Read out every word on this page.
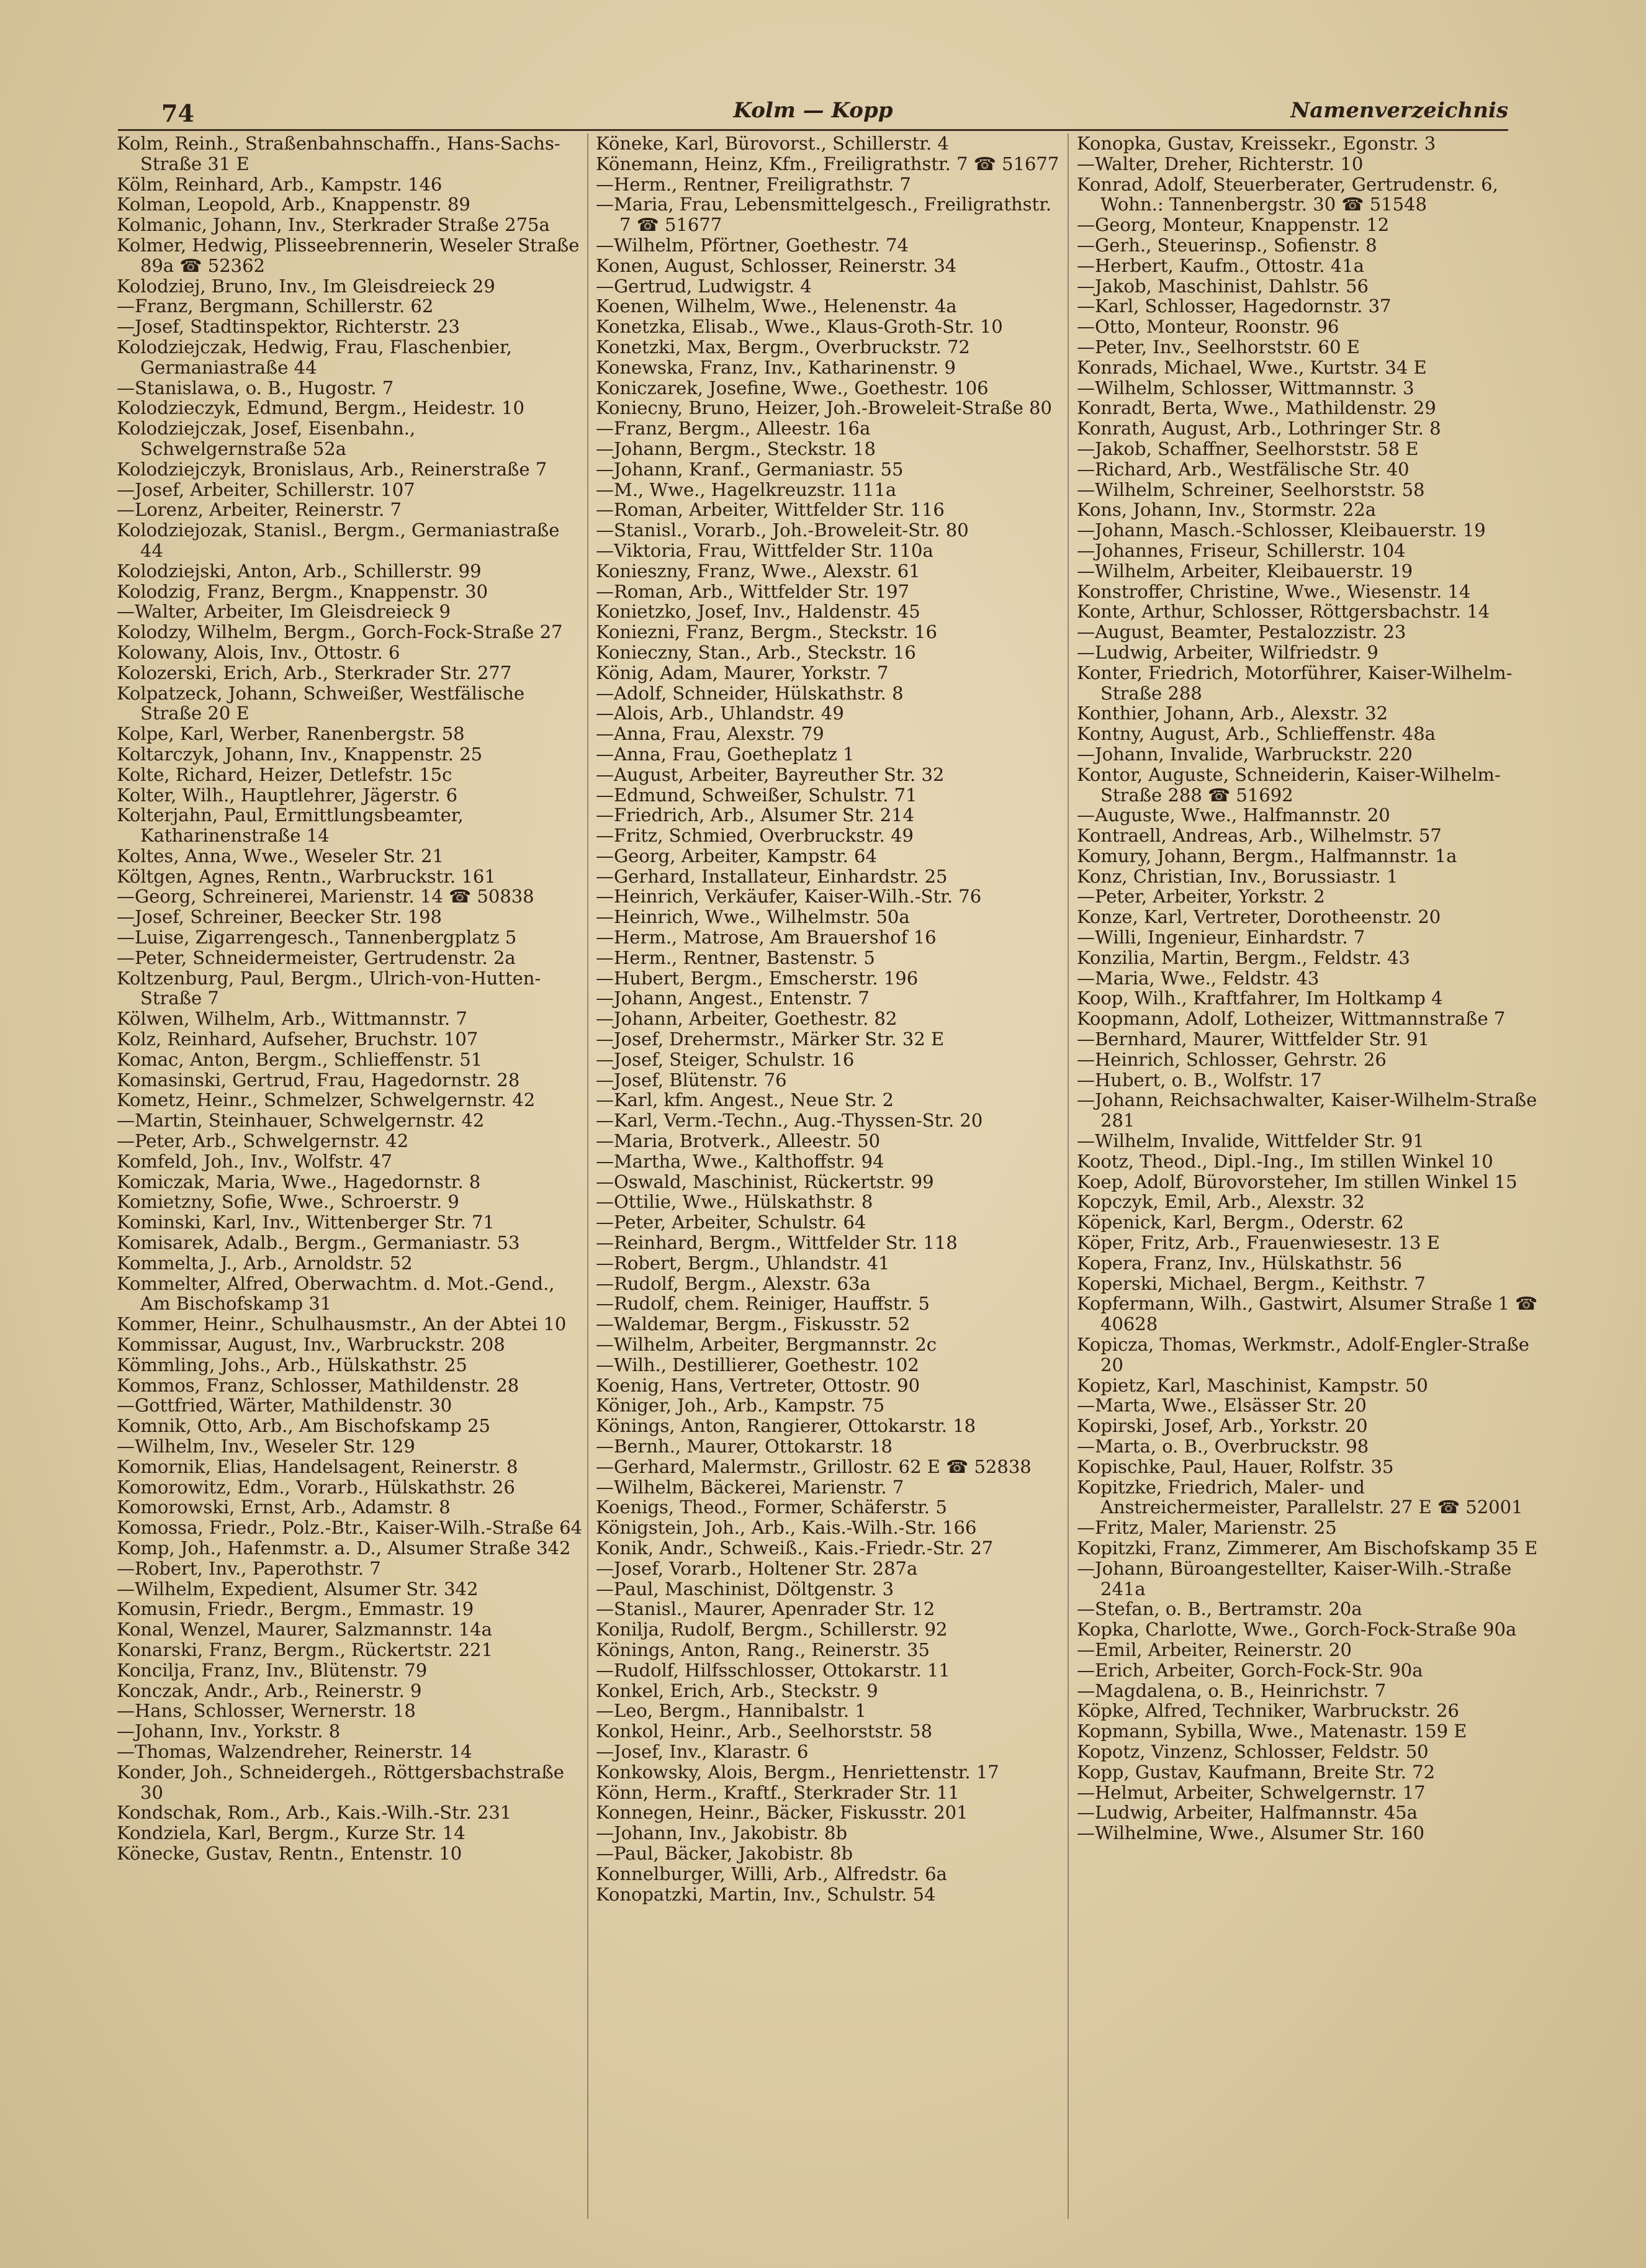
74	Kolm — Kopp	Namenverzeichnis
Kolm, Reinh., Straßenbahnschaffn., Hans-Sachs-Straße 31 E
Kölm, Reinhard, Arb., Kampstr. 146
Kolman, Leopold, Arb., Knappenstr. 89
Kolmanic, Johann, Inv., Sterkrader Straße 275a
Kolmer, Hedwig, Plisseebrennerin, Weseler Straße 89a ☎ 52362
Kolodziej, Bruno, Inv., Im Gleisdreieck 29
—Franz, Bergmann, Schillerstr. 62
—Josef, Stadtinspektor, Richterstr. 23
Kolodziejczak, Hedwig, Frau, Flaschenbier, Germaniastraße 44
—Stanislawa, o. B., Hugostr. 7
Kolodzieczyk, Edmund, Bergm., Heidestr. 10
Kolodziejczak, Josef, Eisenbahn., Schwelgernstraße 52a
Kolodziejczyk, Bronislaus, Arb., Reinerstraße 7
—Josef, Arbeiter, Schillerstr. 107
—Lorenz, Arbeiter, Reinerstr. 7
Kolodziejozak, Stanisl., Bergm., Germaniastraße 44
Kolodziejski, Anton, Arb., Schillerstr. 99
Kolodzig, Franz, Bergm., Knappenstr. 30
—Walter, Arbeiter, Im Gleisdreieck 9
Kolodzy, Wilhelm, Bergm., Gorch-Fock-Straße 27
Kolowany, Alois, Inv., Ottostr. 6
Kolozerski, Erich, Arb., Sterkrader Str. 277
Kolpatzeck, Johann, Schweißer, Westfälische Straße 20 E
Kolpe, Karl, Werber, Ranenbergstr. 58
Koltarczyk, Johann, Inv., Knappenstr. 25
Kolte, Richard, Heizer, Detlefstr. 15c
Kolter, Wilh., Hauptlehrer, Jägerstr. 6
Kolterjahn, Paul, Ermittlungsbeamter, Katharinenstraße 14
Koltes, Anna, Wwe., Weseler Str. 21
Költgen, Agnes, Rentn., Warbruckstr. 161
—Georg, Schreinerei, Marienstr. 14 ☎ 50838
—Josef, Schreiner, Beecker Str. 198
—Luise, Zigarrengesch., Tannenbergplatz 5
—Peter, Schneidermeister, Gertrudenstr. 2a
Koltzenburg, Paul, Bergm., Ulrich-von-Hutten-Straße 7
Kölwen, Wilhelm, Arb., Wittmannstr. 7
Kolz, Reinhard, Aufseher, Bruchstr. 107
Komac, Anton, Bergm., Schlieffenstr. 51
Komasinski, Gertrud, Frau, Hagedornstr. 28
Kometz, Heinr., Schmelzer, Schwelgernstr. 42
—Martin, Steinhauer, Schwelgernstr. 42
—Peter, Arb., Schwelgernstr. 42
Komfeld, Joh., Inv., Wolfstr. 47
Komiczak, Maria, Wwe., Hagedornstr. 8
Komietzny, Sofie, Wwe., Schroerstr. 9
Kominski, Karl, Inv., Wittenberger Str. 71
Komisarek, Adalb., Bergm., Germaniastr. 53
Kommelta, J., Arb., Arnoldstr. 52
Kommelter, Alfred, Oberwachtm. d. Mot.-Gend., Am Bischofskamp 31
Kommer, Heinr., Schulhausmstr., An der Abtei 10
Kommissar, August, Inv., Warbruckstr. 208
Kömmling, Johs., Arb., Hülskathstr. 25
Kommos, Franz, Schlosser, Mathildenstr. 28
—Gottfried, Wärter, Mathildenstr. 30
Komnik, Otto, Arb., Am Bischofskamp 25
—Wilhelm, Inv., Weseler Str. 129
Komornik, Elias, Handelsagent, Reinerstr. 8
Komorowitz, Edm., Vorarb., Hülskathstr. 26
Komorowski, Ernst, Arb., Adamstr. 8
Komossa, Friedr., Polz.-Btr., Kaiser-Wilh.-Straße 64
Komp, Joh., Hafenmstr. a. D., Alsumer Straße 342
—Robert, Inv., Paperothstr. 7
—Wilhelm, Expedient, Alsumer Str. 342
Komusin, Friedr., Bergm., Emmastr. 19
Konal, Wenzel, Maurer, Salzmannstr. 14a
Konarski, Franz, Bergm., Rückertstr. 221
Koncilja, Franz, Inv., Blütenstr. 79
Konczak, Andr., Arb., Reinerstr. 9
—Hans, Schlosser, Wernerstr. 18
—Johann, Inv., Yorkstr. 8
—Thomas, Walzendreher, Reinerstr. 14
Konder, Joh., Schneidergeh., Röttgersbachstraße 30
Kondschak, Rom., Arb., Kais.-Wilh.-Str. 231
Kondziela, Karl, Bergm., Kurze Str. 14
Könecke, Gustav, Rentn., Entenstr. 10
Köneke, Karl, Bürovorst., Schillerstr. 4
Könemann, Heinz, Kfm., Freiligrathstr. 7 ☎ 51677
—Herm., Rentner, Freiligrathstr. 7
—Maria, Frau, Lebensmittelgesch., Freiligrathstr. 7 ☎ 51677
—Wilhelm, Pförtner, Goethestr. 74
Konen, August, Schlosser, Reinerstr. 34
—Gertrud, Ludwigstr. 4
Koenen, Wilhelm, Wwe., Helenenstr. 4a
Konetzka, Elisab., Wwe., Klaus-Groth-Str. 10
Konetzki, Max, Bergm., Overbruckstr. 72
Konewska, Franz, Inv., Katharinenstr. 9
Koniczarek, Josefine, Wwe., Goethestr. 106
Koniecny, Bruno, Heizer, Joh.-Broweleit-Straße 80
—Franz, Bergm., Alleestr. 16a
—Johann, Bergm., Steckstr. 18
—Johann, Kranf., Germaniastr. 55
—M., Wwe., Hagelkreuzstr. 111a
—Roman, Arbeiter, Wittfelder Str. 116
—Stanisl., Vorarb., Joh.-Broweleit-Str. 80
—Viktoria, Frau, Wittfelder Str. 110a
Konieszny, Franz, Wwe., Alexstr. 61
—Roman, Arb., Wittfelder Str. 197
Konietzko, Josef, Inv., Haldenstr. 45
Koniezni, Franz, Bergm., Steckstr. 16
Konieczny, Stan., Arb., Steckstr. 16
König, Adam, Maurer, Yorkstr. 7
—Adolf, Schneider, Hülskathstr. 8
—Alois, Arb., Uhlandstr. 49
—Anna, Frau, Alexstr. 79
—Anna, Frau, Goetheplatz 1
—August, Arbeiter, Bayreuther Str. 32
—Edmund, Schweißer, Schulstr. 71
—Friedrich, Arb., Alsumer Str. 214
—Fritz, Schmied, Overbruckstr. 49
—Georg, Arbeiter, Kampstr. 64
—Gerhard, Installateur, Einhardstr. 25
—Heinrich, Verkäufer, Kaiser-Wilh.-Str. 76
—Heinrich, Wwe., Wilhelmstr. 50a
—Herm., Matrose, Am Brauershof 16
—Herm., Rentner, Bastenstr. 5
—Hubert, Bergm., Emscherstr. 196
—Johann, Angest., Entenstr. 7
—Johann, Arbeiter, Goethestr. 82
—Josef, Drehermstr., Märker Str. 32 E
—Josef, Steiger, Schulstr. 16
—Josef, Blütenstr. 76
—Karl, kfm. Angest., Neue Str. 2
—Karl, Verm.-Techn., Aug.-Thyssen-Str. 20
—Maria, Brotverk., Alleestr. 50
—Martha, Wwe., Kalthoffstr. 94
—Oswald, Maschinist, Rückertstr. 99
—Ottilie, Wwe., Hülskathstr. 8
—Peter, Arbeiter, Schulstr. 64
—Reinhard, Bergm., Wittfelder Str. 118
—Robert, Bergm., Uhlandstr. 41
—Rudolf, Bergm., Alexstr. 63a
—Rudolf, chem. Reiniger, Hauffstr. 5
—Waldemar, Bergm., Fiskusstr. 52
—Wilhelm, Arbeiter, Bergmannstr. 2c
—Wilh., Destillierer, Goethestr. 102
Koenig, Hans, Vertreter, Ottostr. 90
Königer, Joh., Arb., Kampstr. 75
Könings, Anton, Rangierer, Ottokarstr. 18
—Bernh., Maurer, Ottokarstr. 18
—Gerhard, Malermstr., Grillostr. 62 E ☎ 52838
—Wilhelm, Bäckerei, Marienstr. 7
Koenigs, Theod., Former, Schäferstr. 5
Königstein, Joh., Arb., Kais.-Wilh.-Str. 166
Konik, Andr., Schweiß., Kais.-Friedr.-Str. 27
—Josef, Vorarb., Holtener Str. 287a
—Paul, Maschinist, Döltgenstr. 3
—Stanisl., Maurer, Apenrader Str. 12
Konilja, Rudolf, Bergm., Schillerstr. 92
Könings, Anton, Rang., Reinerstr. 35
—Rudolf, Hilfsschlosser, Ottokarstr. 11
Konkel, Erich, Arb., Steckstr. 9
—Leo, Bergm., Hannibalstr. 1
Konkol, Heinr., Arb., Seelhorststr. 58
—Josef, Inv., Klarastr. 6
Konkowsky, Alois, Bergm., Henriettenstr. 17
Könn, Herm., Kraftf., Sterkrader Str. 11
Konnegen, Heinr., Bäcker, Fiskusstr. 201
—Johann, Inv., Jakobistr. 8b
—Paul, Bäcker, Jakobistr. 8b
Konnelburger, Willi, Arb., Alfredstr. 6a
Konopatzki, Martin, Inv., Schulstr. 54
Konopka, Gustav, Kreissekr., Egonstr. 3
—Walter, Dreher, Richterstr. 10
Konrad, Adolf, Steuerberater, Gertrudenstr. 6, Wohn.: Tannenbergstr. 30 ☎ 51548
—Georg, Monteur, Knappenstr. 12
—Gerh., Steuerinsp., Sofienstr. 8
—Herbert, Kaufm., Ottostr. 41a
—Jakob, Maschinist, Dahlstr. 56
—Karl, Schlosser, Hagedornstr. 37
—Otto, Monteur, Roonstr. 96
—Peter, Inv., Seelhorststr. 60 E
Konrads, Michael, Wwe., Kurtstr. 34 E
—Wilhelm, Schlosser, Wittmannstr. 3
Konradt, Berta, Wwe., Mathildenstr. 29
Konrath, August, Arb., Lothringer Str. 8
—Jakob, Schaffner, Seelhorststr. 58 E
—Richard, Arb., Westfälische Str. 40
—Wilhelm, Schreiner, Seelhorststr. 58
Kons, Johann, Inv., Stormstr. 22a
—Johann, Masch.-Schlosser, Kleibauerstr. 19
—Johannes, Friseur, Schillerstr. 104
—Wilhelm, Arbeiter, Kleibauerstr. 19
Konstroffer, Christine, Wwe., Wiesenstr. 14
Konte, Arthur, Schlosser, Röttgersbachstr. 14
—August, Beamter, Pestalozzistr. 23
—Ludwig, Arbeiter, Wilfriedstr. 9
Konter, Friedrich, Motorführer, Kaiser-Wilhelm-Straße 288
Konthier, Johann, Arb., Alexstr. 32
Kontny, August, Arb., Schlieffenstr. 48a
—Johann, Invalide, Warbruckstr. 220
Kontor, Auguste, Schneiderin, Kaiser-Wilhelm-Straße 288 ☎ 51692
—Auguste, Wwe., Halfmannstr. 20
Kontraell, Andreas, Arb., Wilhelmstr. 57
Komury, Johann, Bergm., Halfmannstr. 1a
Konz, Christian, Inv., Borussiastr. 1
—Peter, Arbeiter, Yorkstr. 2
Konze, Karl, Vertreter, Dorotheenstr. 20
—Willi, Ingenieur, Einhardstr. 7
Konzilia, Martin, Bergm., Feldstr. 43
—Maria, Wwe., Feldstr. 43
Koop, Wilh., Kraftfahrer, Im Holtkamp 4
Koopmann, Adolf, Lotheizer, Wittmannstraße 7
—Bernhard, Maurer, Wittfelder Str. 91
—Heinrich, Schlosser, Gehrstr. 26
—Hubert, o. B., Wolfstr. 17
—Johann, Reichsachwalter, Kaiser-Wilhelm-Straße 281
—Wilhelm, Invalide, Wittfelder Str. 91
Kootz, Theod., Dipl.-Ing., Im stillen Winkel 10
Koep, Adolf, Bürovorsteher, Im stillen Winkel 15
Kopczyk, Emil, Arb., Alexstr. 32
Köpenick, Karl, Bergm., Oderstr. 62
Köper, Fritz, Arb., Frauenwiesestr. 13 E
Kopera, Franz, Inv., Hülskathstr. 56
Koperski, Michael, Bergm., Keithstr. 7
Kopfermann, Wilh., Gastwirt, Alsumer Straße 1 ☎ 40628
Kopicza, Thomas, Werkmstr., Adolf-Engler-Straße 20
Kopietz, Karl, Maschinist, Kampstr. 50
—Marta, Wwe., Elsässer Str. 20
Kopirski, Josef, Arb., Yorkstr. 20
—Marta, o. B., Overbruckstr. 98
Kopischke, Paul, Hauer, Rolfstr. 35
Kopitzke, Friedrich, Maler- und Anstreichermeister, Parallelstr. 27 E ☎ 52001
—Fritz, Maler, Marienstr. 25
Kopitzki, Franz, Zimmerer, Am Bischofskamp 35 E
—Johann, Büroangestellter, Kaiser-Wilh.-Straße 241a
—Stefan, o. B., Bertramstr. 20a
Kopka, Charlotte, Wwe., Gorch-Fock-Straße 90a
—Emil, Arbeiter, Reinerstr. 20
—Erich, Arbeiter, Gorch-Fock-Str. 90a
—Magdalena, o. B., Heinrichstr. 7
Köpke, Alfred, Techniker, Warbruckstr. 26
Kopmann, Sybilla, Wwe., Matenastr. 159 E
Kopotz, Vinzenz, Schlosser, Feldstr. 50
Kopp, Gustav, Kaufmann, Breite Str. 72
—Helmut, Arbeiter, Schwelgernstr. 17
—Ludwig, Arbeiter, Halfmannstr. 45a
—Wilhelmine, Wwe., Alsumer Str. 160
